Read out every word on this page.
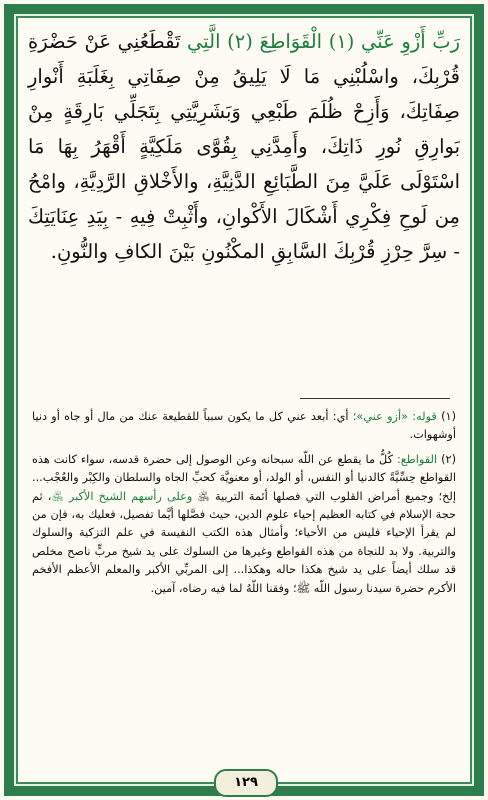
رَبِّ أَزْوِ عَنِّي (١) الْقَوَاطِعَ (٢) الَّتِي تَقْطَعُنِي عَنْ حَضْرَةِ قُرْبِكَ، واسْلُبْنِي مَا لَا يَلِيقُ مِنْ صِفَاتِي بِغَلَبَةِ أَنْوارِ صِفَاتِكَ، وَأَزِحْ ظُلَمَ طَبْعِي وَبَشَرِيَّتِي بِتَجَلِّي بَارِقَةٍ مِنْ بَوارِقِ نُورِ ذَاتِكَ، وأَمِدَّنِي بِقُوَّى مَلَكِيَّةٍ أَقْهَرُ بِهَا مَا اسْتَوْلَى عَلَيَّ مِنَ الطَّبَائِعِ الدَّنِيَّةِ، والأَخْلاقِ الرَّدِيَّةِ، وامْحُ مِن لَوحِ فِكْرِي أَشْكَالَ الأَكْوانِ، وأَثْبِتْ فِيهِ - بِيَدِ عِنَايَتِكَ - سِرَّ حِرْزِ قُرْبِكَ السَّابِقِ المكْنُونِ بَيْنَ الكافِ والنُّونِ.

(١) قوله: «أزو عني»؛ أي: أبعد عني كل ما يكون سبباً للقطيعة عنك من مال أو جاه أو دنيا أوشهوات.

(٢) القواطع: كُلُّ ما يقطع عن اللّه سبحانه وعن الوصول إلى حضرة قدسه، سواء كانت هذه القواطع حِسِّيَّةً كالدنيا أو النفس، أو الولد، أو معنويَّة كحبِّ الجاه والسلطان والكِبْر والعُجْب... إلخ؛ وجميع أمراض القلوب التي فصلها أئمة التربية ﵁ وعلى رأسهم الشيخ الأكبر ﵁، ثم حجة الإسلام في كتابه العظيم إحياء علوم الدين، حيث فصَّلها أيَّما تفصيل، فعليك به، فإن من لم يقرأ الإحياء فليس من الأحياء؛ وأمثال هذه الكتب النفيسة في علم التزكية والسلوك والتربية. ولا بد للنجاة من هذه القواطع وغيرها من السلوك على يد شيخ مربٍّ ناصح مخلص قد سلك أيضاً على يد شيخ هكذا حاله وهكذا... إلى المربِّي الأكبر والمعلم الأعظم الأفخم الأكرم حضرة سيدنا رسول اللّه ﷺ؛ وفقنا اللّهُ لما فيه رضاه، آمين.

١٢٩
